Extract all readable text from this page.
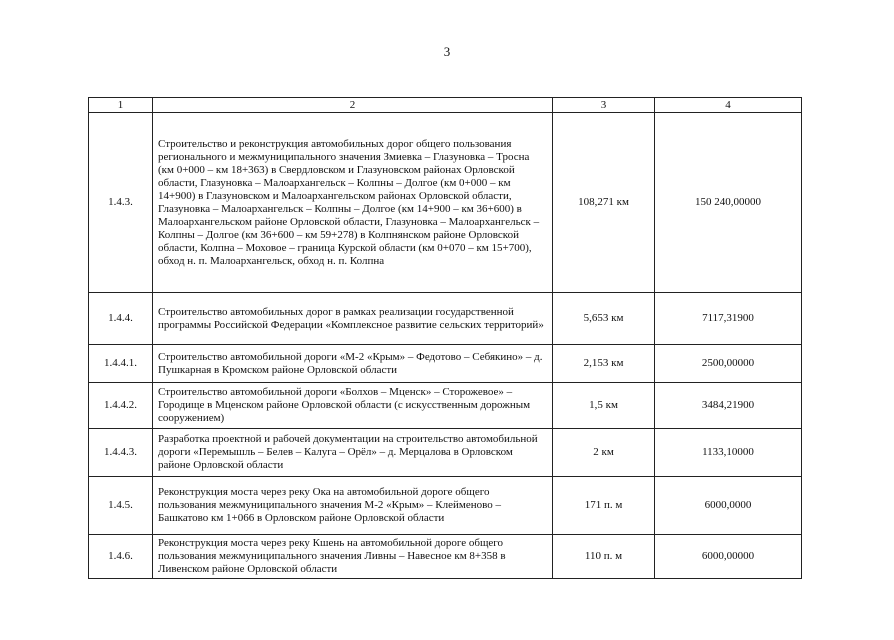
3
1	2	3	4
1.4.3.	Строительство и реконструкция автомобильных дорог общего пользования регионального и межмуниципального значения Змиевка – Глазуновка – Тросна (км 0+000 – км 18+363) в Свердловском и Глазуновском районах Орловской области, Глазуновка – Малоархангельск – Колпны – Долгое (км 0+000 – км 14+900) в Глазуновском и Малоархангельском районах Орловской области, Глазуновка – Малоархангельск – Колпны – Долгое (км 14+900 – км 36+600) в Малоархангельском районе Орловской области, Глазуновка – Малоархангельск – Колпны – Долгое (км 36+600 – км 59+278) в Колпнянском районе Орловской области, Колпна – Моховое – граница Курской области (км 0+070 – км 15+700), обход н. п. Малоархангельск, обход н. п. Колпна	108,271 км	150 240,00000
1.4.4.	Строительство автомобильных дорог в рамках реализации государственной программы Российской Федерации «Комплексное развитие сельских территорий»	5,653 км	7117,31900
1.4.4.1.	Строительство автомобильной дороги «М-2 «Крым» – Федотово – Себякино» – д. Пушкарная в Кромском районе Орловской области	2,153 км	2500,00000
1.4.4.2.	Строительство автомобильной дороги «Болхов – Мценск» – Сторожевое» – Городище в Мценском районе Орловской области (с искусственным дорожным сооружением)	1,5 км	3484,21900
1.4.4.3.	Разработка проектной и рабочей документации на строительство автомобильной дороги «Перемышль – Белев – Калуга – Орёл» – д. Мерцалова в Орловском районе Орловской области	2 км	1133,10000
1.4.5.	Реконструкция моста через реку Ока на автомобильной дороге общего пользования межмуниципального значения М-2 «Крым» – Клейменово – Башкатово км 1+066 в Орловском районе Орловской области	171 п. м	6000,0000
1.4.6.	Реконструкция моста через реку Кшень на автомобильной дороге общего пользования межмуниципального значения Ливны – Навесное км 8+358 в Ливенском районе Орловской области	110 п. м	6000,00000
